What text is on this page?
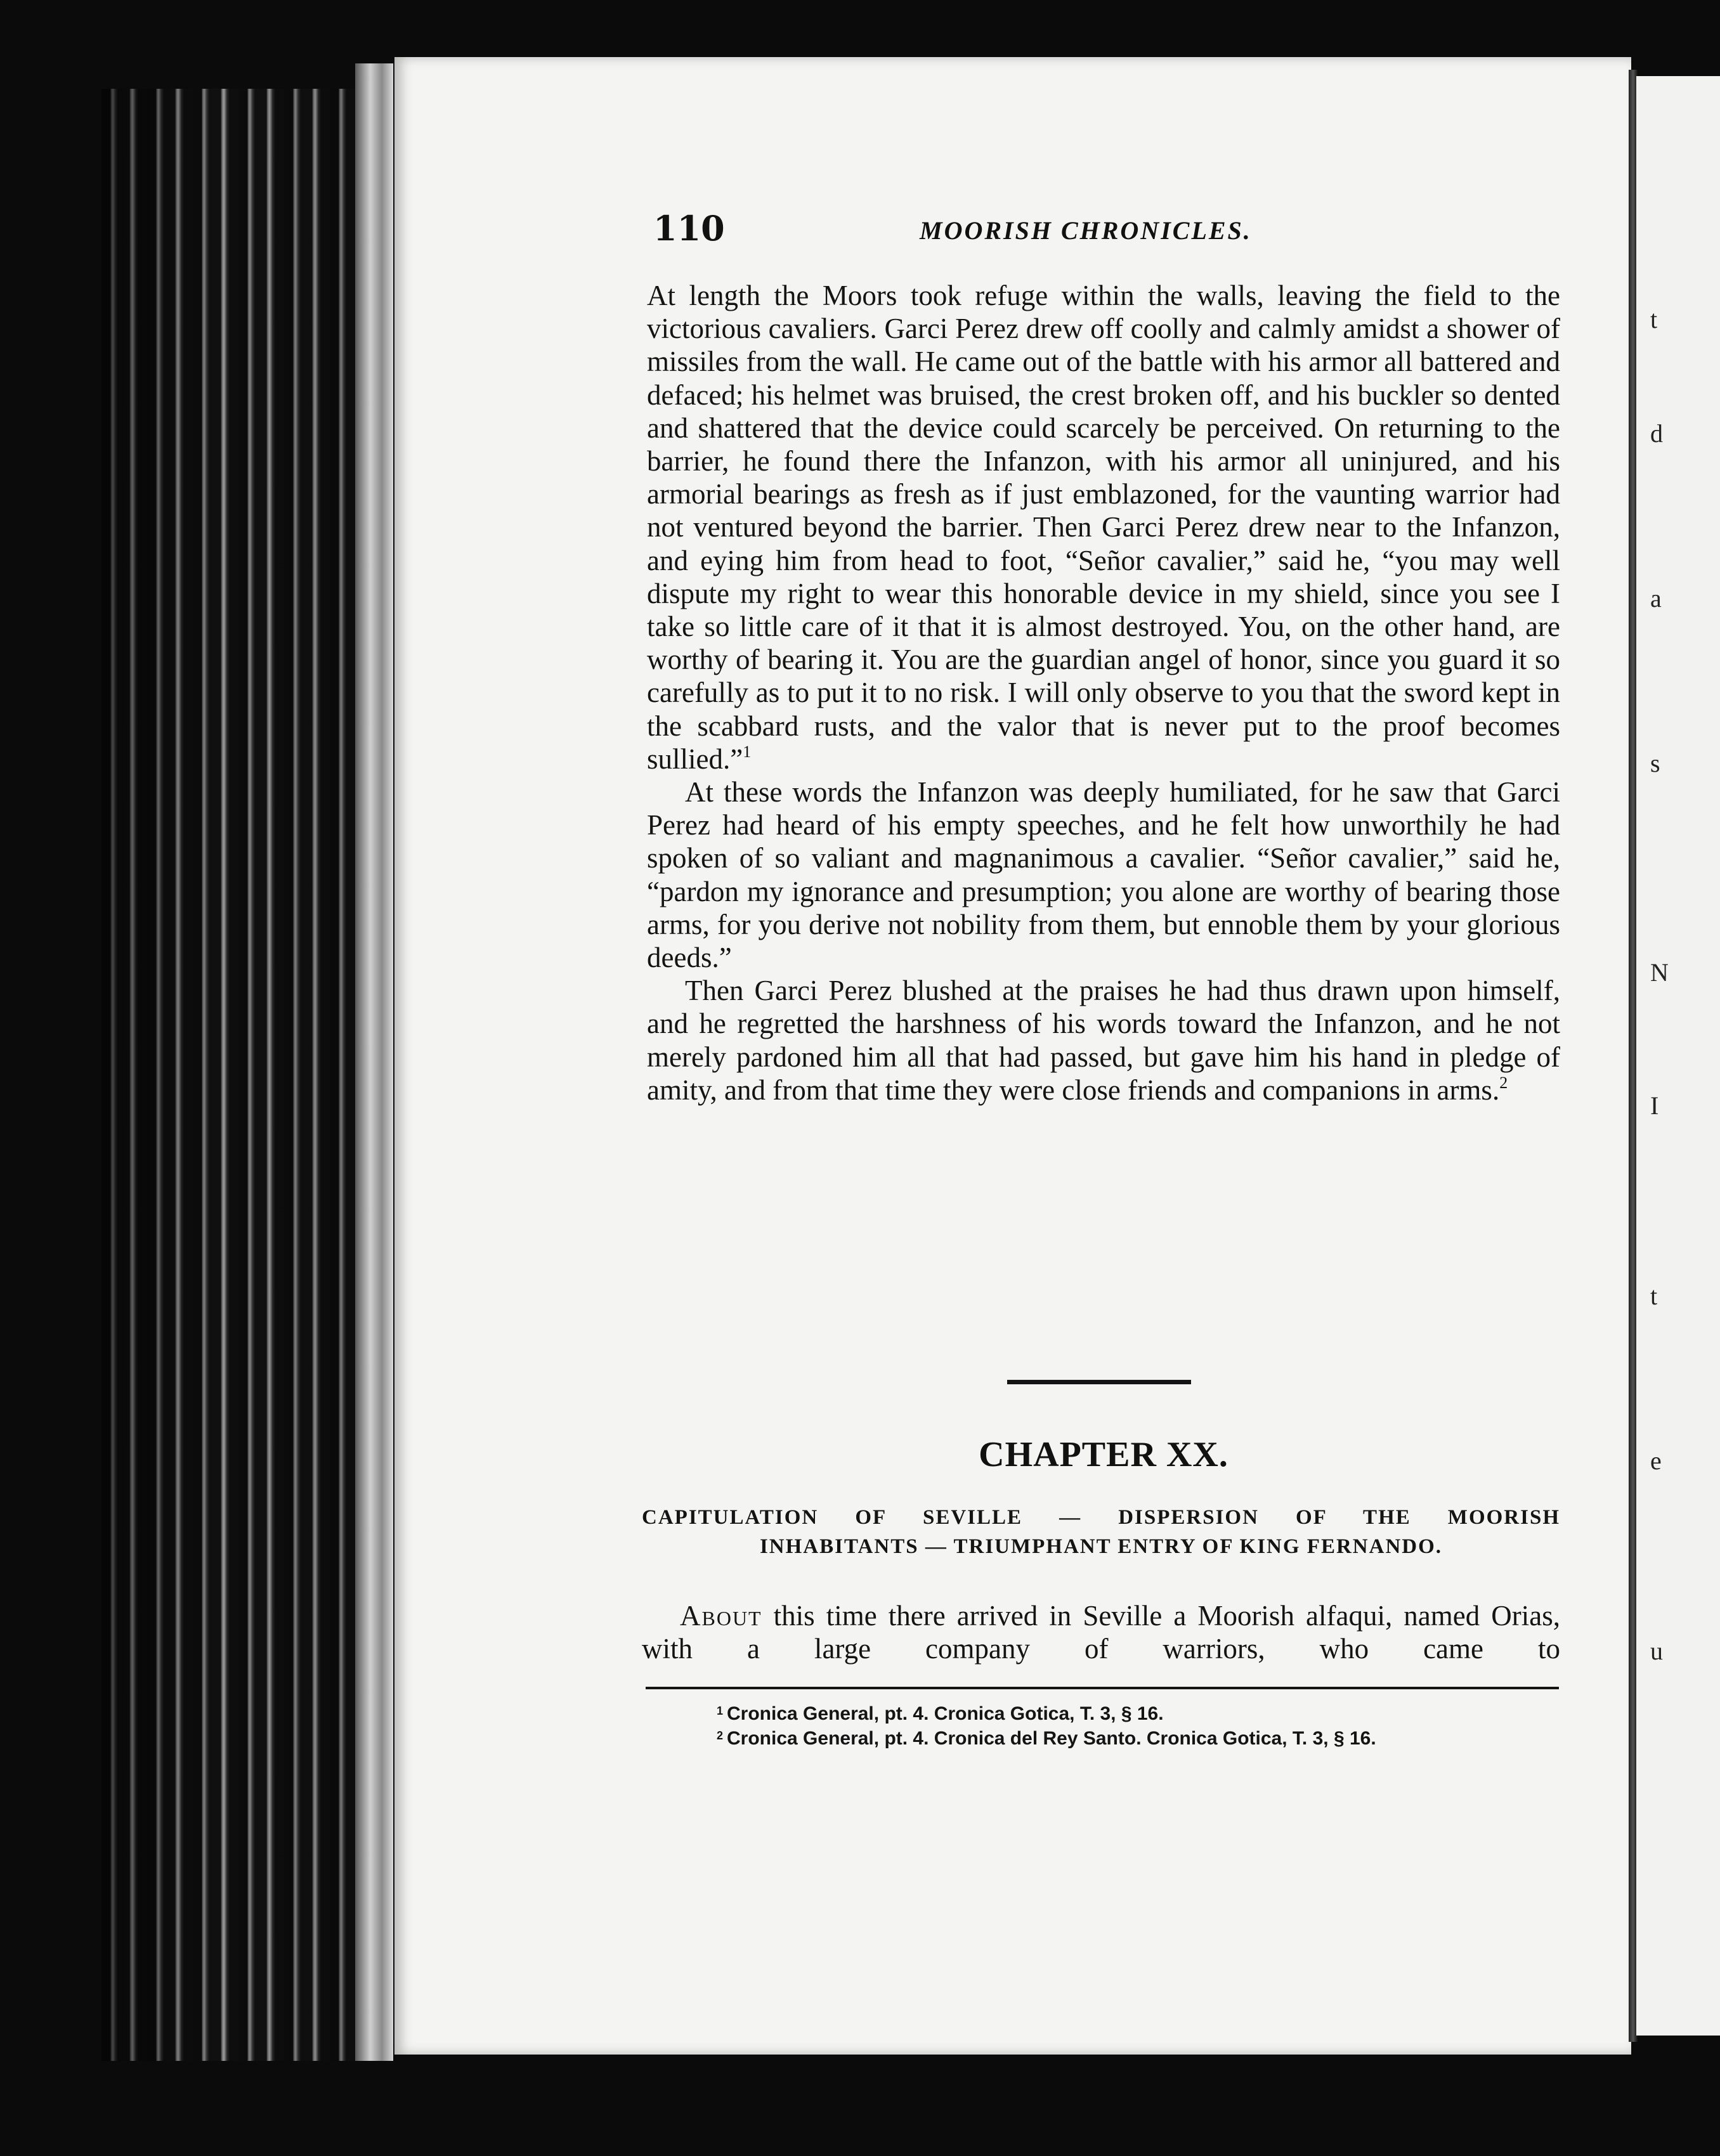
t
d
a
s
N
I
t
e
u
110	MOORISH CHRONICLES.

At length the Moors took refuge within the walls, leaving the field to the victorious cavaliers. Garci Perez drew off coolly and calmly amidst a shower of missiles from the wall. He came out of the battle with his armor all battered and defaced; his helmet was bruised, the crest broken off, and his buckler so dented and shattered that the device could scarcely be perceived. On returning to the barrier, he found there the Infanzon, with his armor all uninjured, and his armorial bearings as fresh as if just emblazoned, for the vaunting warrior had not ventured beyond the barrier. Then Garci Perez drew near to the Infanzon, and eying him from head to foot, “Señor cavalier,” said he, “you may well dispute my right to wear this honorable device in my shield, since you see I take so little care of it that it is almost destroyed. You, on the other hand, are worthy of bearing it. You are the guardian angel of honor, since you guard it so carefully as to put it to no risk. I will only observe to you that the sword kept in the scabbard rusts, and the valor that is never put to the proof becomes sullied.”$^1$

At these words the Infanzon was deeply humiliated, for he saw that Garci Perez had heard of his empty speeches, and he felt how unworthily he had spoken of so valiant and magnanimous a cavalier. “Señor cavalier,” said he, “pardon my ignorance and presumption; you alone are worthy of bearing those arms, for you derive not nobility from them, but ennoble them by your glorious deeds.”

Then Garci Perez blushed at the praises he had thus drawn upon himself, and he regretted the harshness of his words toward the Infanzon, and he not merely pardoned him all that had passed, but gave him his hand in pledge of amity, and from that time they were close friends and companions in arms.$^2$

CHAPTER XX.
CAPITULATION OF SEVILLE — DISPERSION OF THE MOORISH
INHABITANTS — TRIUMPHANT ENTRY OF KING FERNANDO.

About this time there arrived in Seville a Moorish alfaqui, named Orias, with a large company of warriors, who came to

$^1$ Cronica General, pt. 4. Cronica Gotica, T. 3, § 16.
$^2$ Cronica General, pt. 4. Cronica del Rey Santo. Cronica Gotica, T. 3, § 16.
